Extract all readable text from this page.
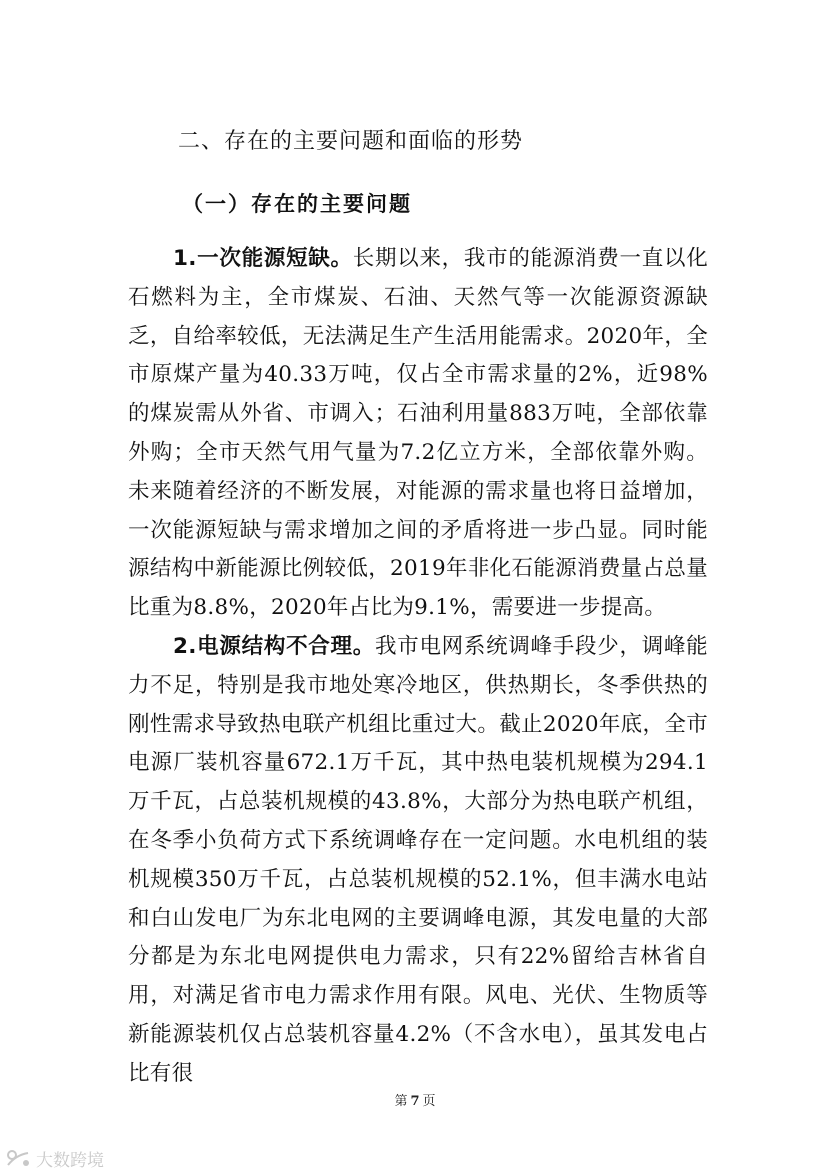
二、存在的主要问题和面临的形势
（一）存在的主要问题

1.一次能源短缺。长期以来，我市的能源消费一直以化石燃料为主，全市煤炭、石油、天然气等一次能源资源缺乏，自给率较低，无法满足生产生活用能需求。2020年，全市原煤产量为40.33万吨，仅占全市需求量的2%，近98%的煤炭需从外省、市调入；石油利用量883万吨，全部依靠外购；全市天然气用气量为7.2亿立方米，全部依靠外购。未来随着经济的不断发展，对能源的需求量也将日益增加，一次能源短缺与需求增加之间的矛盾将进一步凸显。同时能源结构中新能源比例较低，2019年非化石能源消费量占总量比重为8.8%，2020年占比为9.1%，需要进一步提高。

2.电源结构不合理。我市电网系统调峰手段少，调峰能力不足，特别是我市地处寒冷地区，供热期长，冬季供热的刚性需求导致热电联产机组比重过大。截止2020年底，全市电源厂装机容量672.1万千瓦，其中热电装机规模为294.1万千瓦，占总装机规模的43.8%，大部分为热电联产机组，在冬季小负荷方式下系统调峰存在一定问题。水电机组的装机规模350万千瓦，占总装机规模的52.1%，但丰满水电站和白山发电厂为东北电网的主要调峰电源，其发电量的大部分都是为东北电网提供电力需求，只有22%留给吉林省自用，对满足省市电力需求作用有限。风电、光伏、生物质等新能源装机仅占总装机容量4.2%（不含水电），虽其发电占比有很

第 7 页
大数跨境
